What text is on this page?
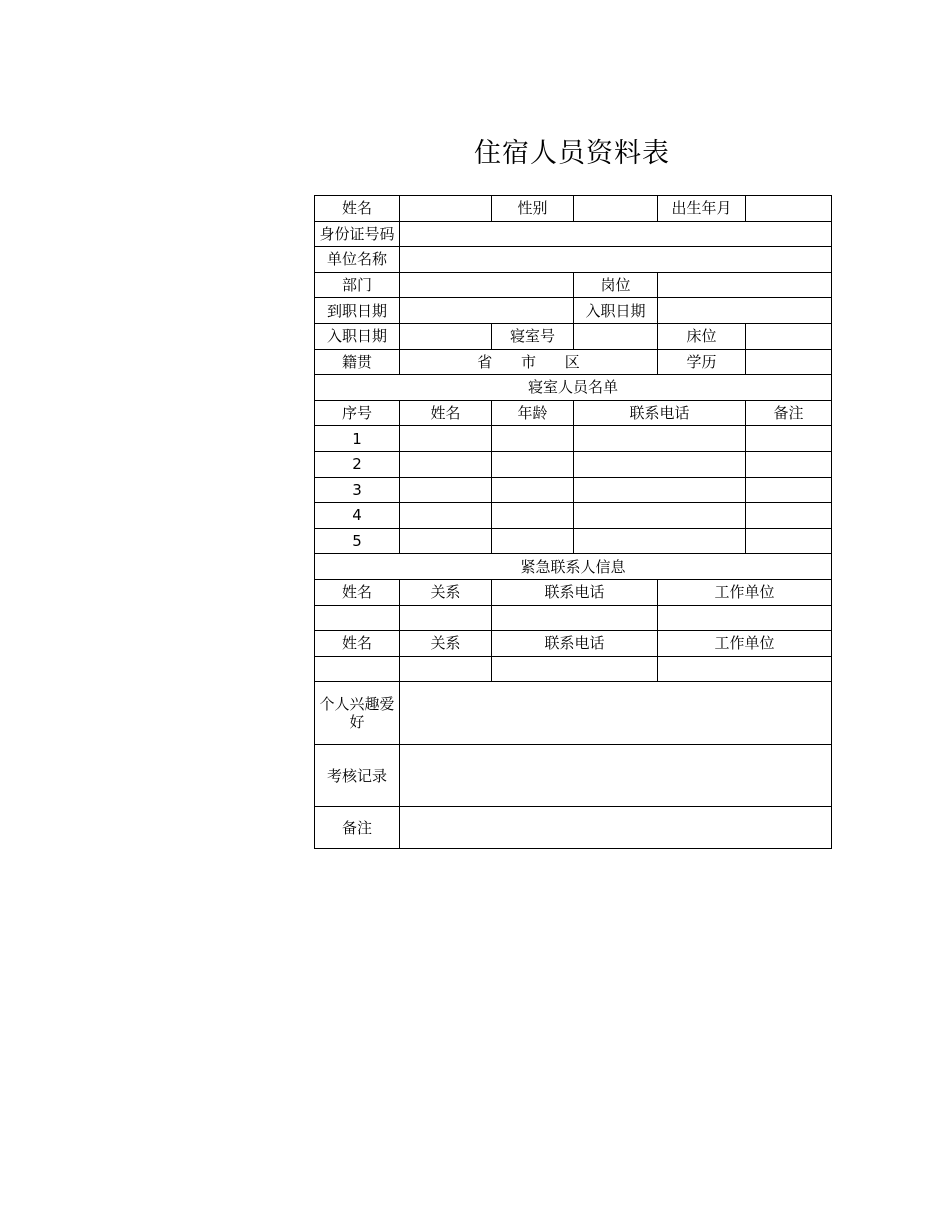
住宿人员资料表
姓名		性别		出生年月	
身份证号码					
单位名称					
部门			岗位		
到职日期			入职日期		
入职日期		寝室号		床位	
籍贯	省 市 区			学历	
寝室人员名单					
序号	姓名	年龄	联系电话		备注
1					
2					
3					
4					
5					
紧急联系人信息					
姓名	关系	联系电话		工作单位	

姓名	关系	联系电话		工作单位	

个人兴趣爱好					
考核记录					
备注					
